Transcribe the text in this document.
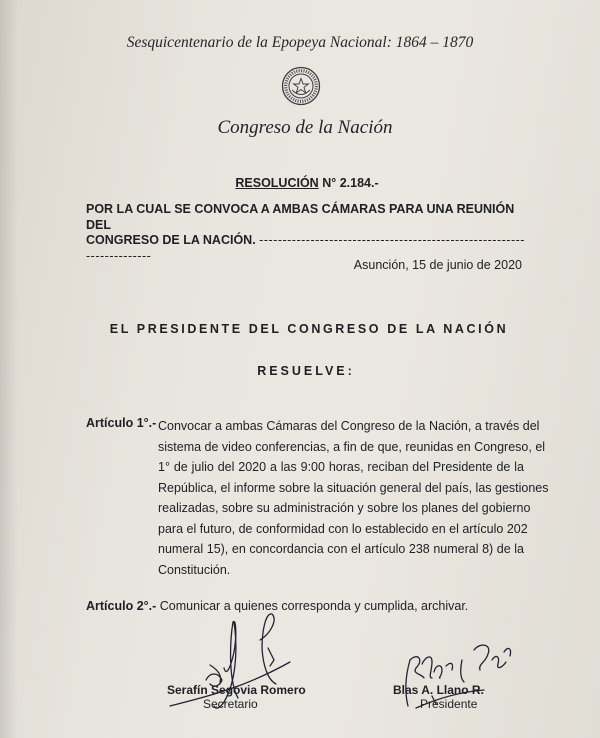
Sesquicentenario de la Epopeya Nacional: 1864 – 1870
Congreso de la Nación
RESOLUCIÓN N° 2.184.-
POR LA CUAL SE CONVOCA A AMBAS CÁMARAS PARA UNA REUNIÓN DEL
CONGRESO DE LA NACIÓN. -----------------------------------------------------------------------
Asunción, 15 de junio de 2020
EL PRESIDENTE DEL CONGRESO DE LA NACIÓN
RESUELVE:
Artículo 1°.- Convocar a ambas Cámaras del Congreso de la Nación, a través del
sistema de video conferencias, a fin de que, reunidas en Congreso, el
1° de julio del 2020 a las 9:00 horas, reciban del Presidente de la
República, el informe sobre la situación general del país, las gestiones
realizadas, sobre su administración y sobre los planes del gobierno
para el futuro, de conformidad con lo establecido en el artículo 202
numeral 15), en concordancia con el artículo 238 numeral 8) de la
Constitución.
Artículo 2°.- Comunicar a quienes corresponda y cumplida, archivar.
Serafín Segovia Romero
Secretario
Blas A. Llano R.
Presidente
